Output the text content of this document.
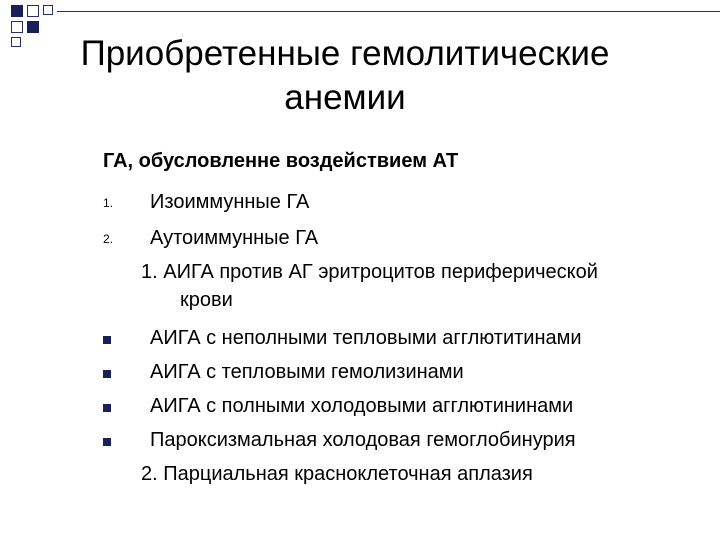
Приобретенные гемолитические анемии
ГА, обусловленне воздействием АТ
1. Изоиммунные ГА
2. Аутоиммунные ГА
1. АИГА против АГ эритроцитов периферической
крови
АИГА с неполными тепловыми агглютитинами
АИГА с тепловыми гемолизинами
АИГА с полными холодовыми агглютининами
Пароксизмальная холодовая гемоглобинурия
2. Парциальная красноклеточная аплазия
